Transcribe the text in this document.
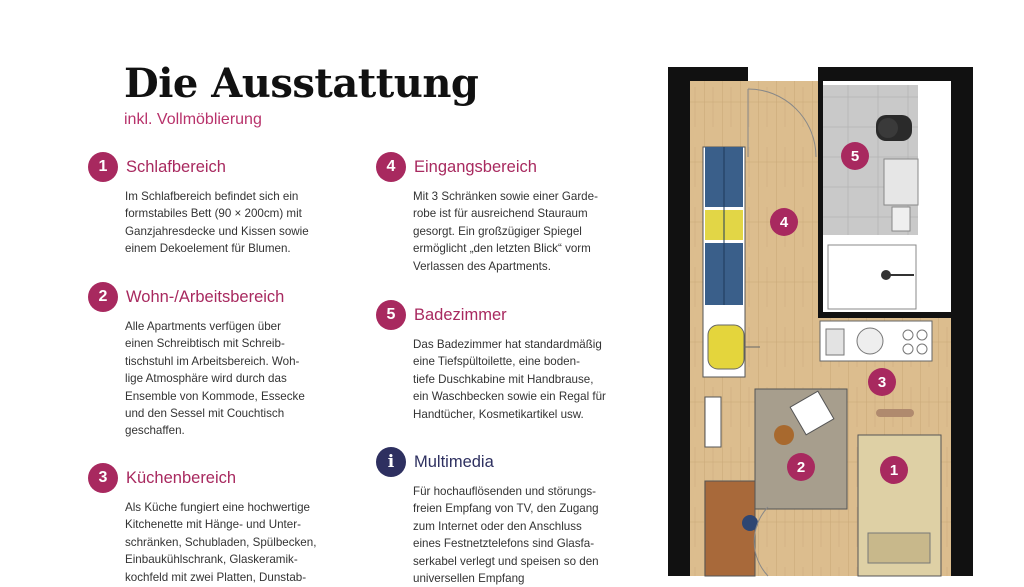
Die Ausstattung
inkl. Vollmöblierung
1	Schlafbereich
Im Schlafbereich befindet sich ein
formstabiles Bett (90 × 200cm) mit
Ganzjahresdecke und Kissen sowie
einem Dekoelement für Blumen.
2	Wohn-/Arbeitsbereich
Alle Apartments verfügen über
einen Schreibtisch mit Schreib-
tischstuhl im Arbeitsbereich. Woh-
lige Atmosphäre wird durch das
Ensemble von Kommode, Essecke
und den Sessel mit Couchtisch
geschaffen.
3	Küchenbereich
Als Küche fungiert eine hochwertige
Kitchenette mit Hänge- und Unter-
schränken, Schubladen, Spülbecken,
Einbaukühlschrank, Glaskeramik-
kochfeld mit zwei Platten, Dunstab-
4	Eingangsbereich
Mit 3 Schränken sowie einer Garde-
robe ist für ausreichend Stauraum
gesorgt. Ein großzügiger Spiegel
ermöglicht „den letzten Blick“ vorm
Verlassen des Apartments.
5	Badezimmer
Das Badezimmer hat standardmäßig
eine Tiefspültoilette, eine boden-
tiefe Duschkabine mit Handbrause,
ein Waschbecken sowie ein Regal für
Handtücher, Kosmetikartikel usw.
i	Multimedia
Für hochauflösenden und störungs-
freien Empfang von TV, den Zugang
zum Internet oder den Anschluss
eines Festnetztelefons sind Glasfa-
serkabel verlegt und speisen so den
universellen Empfang
5
4
3
2	1
